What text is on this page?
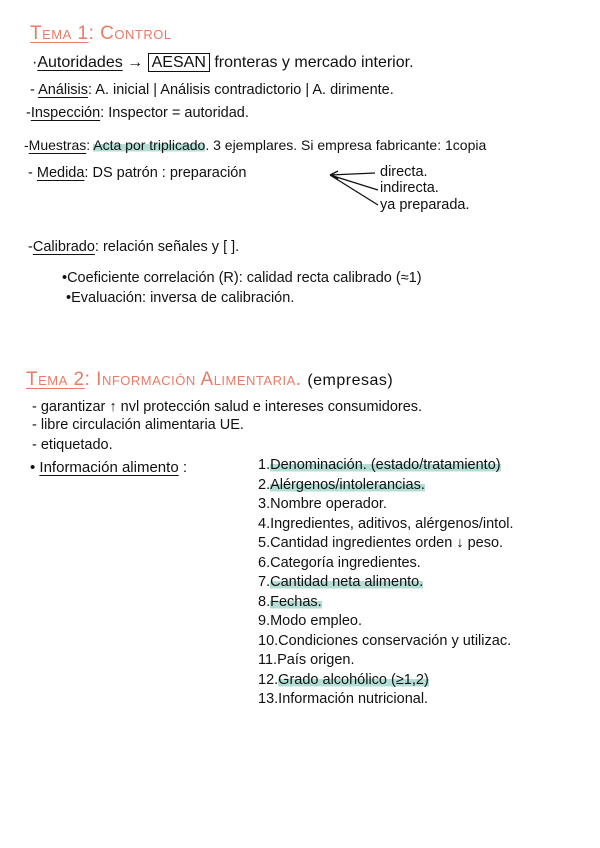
Tema 1: Control
·Autoridades → AESAN fronteras y mercado interior.
- Análisis: A. inicial | Análisis contradictorio | A. dirimente.
-Inspección: Inspector = autoridad.
-Muestras: Acta por triplicado. 3 ejemplares. Si empresa fabricante: 1copia
- Medida: DS patrón : preparación	directa.
indirecta.
ya preparada.
-Calibrado: relación señales y [ ].
•Coeficiente correlación (R): calidad recta calibrado (≈1)
•Evaluación: inversa de calibración.
Tema 2: Información Alimentaria. (empresas)
- garantizar ↑ nvl protección salud e intereses consumidores.
- libre circulación alimentaria UE.
- etiquetado.
• Información alimento :	1.Denominación. (estado/tratamiento)
2.Alérgenos/intolerancias.
3.Nombre operador.
4.Ingredientes, aditivos, alérgenos/intol.
5.Cantidad ingredientes orden ↓ peso.
6.Categoría ingredientes.
7.Cantidad neta alimento.
8.Fechas.
9.Modo empleo.
10.Condiciones conservación y utilizac.
11.País origen.
12.Grado alcohólico (≥1,2)
13.Información nutricional.
